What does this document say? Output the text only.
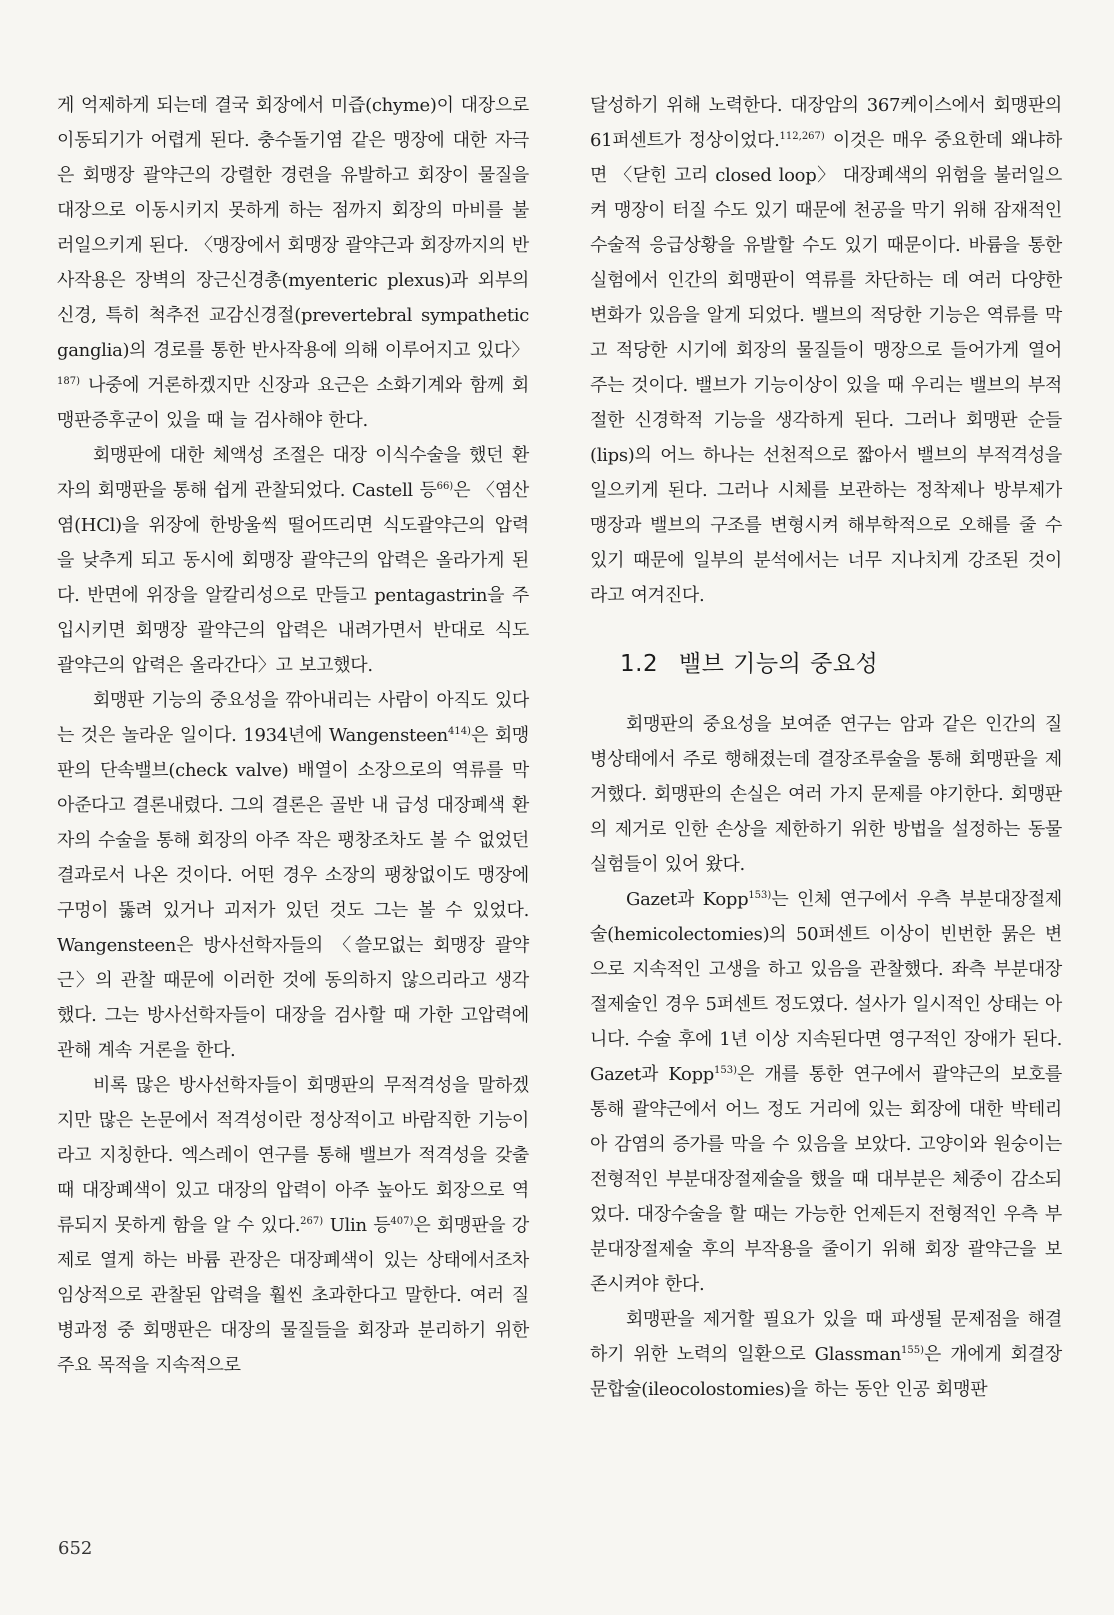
게 억제하게 되는데 결국 회장에서 미즙(chyme)이 대장으로 이동되기가 어렵게 된다. 충수돌기염 같은 맹장에 대한 자극은 회맹장 괄약근의 강렬한 경련을 유발하고 회장이 물질을 대장으로 이동시키지 못하게 하는 점까지 회장의 마비를 불러일으키게 된다. 〈맹장에서 회맹장 괄약근과 회장까지의 반사작용은 장벽의 장근신경총(myenteric plexus)과 외부의 신경, 특히 척추전 교감신경절(prevertebral sympathetic ganglia)의 경로를 통한 반사작용에 의해 이루어지고 있다〉$^{187)}$ 나중에 거론하겠지만 신장과 요근은 소화기계와 함께 회맹판증후군이 있을 때 늘 검사해야 한다.

회맹판에 대한 체액성 조절은 대장 이식수술을 했던 환자의 회맹판을 통해 쉽게 관찰되었다. Castell 등$^{66)}$은 〈염산염(HCl)을 위장에 한방울씩 떨어뜨리면 식도괄약근의 압력을 낮추게 되고 동시에 회맹장 괄약근의 압력은 올라가게 된다. 반면에 위장을 알칼리성으로 만들고 pentagastrin을 주입시키면 회맹장 괄약근의 압력은 내려가면서 반대로 식도 괄약근의 압력은 올라간다〉고 보고했다.

회맹판 기능의 중요성을 깎아내리는 사람이 아직도 있다는 것은 놀라운 일이다. 1934년에 Wangensteen$^{414)}$은 회맹판의 단속밸브(check valve) 배열이 소장으로의 역류를 막아준다고 결론내렸다. 그의 결론은 골반 내 급성 대장폐색 환자의 수술을 통해 회장의 아주 작은 팽창조차도 볼 수 없었던 결과로서 나온 것이다. 어떤 경우 소장의 팽창없이도 맹장에 구멍이 뚫려 있거나 괴저가 있던 것도 그는 볼 수 있었다. Wangensteen은 방사선학자들의 〈쓸모없는 회맹장 괄약근〉의 관찰 때문에 이러한 것에 동의하지 않으리라고 생각했다. 그는 방사선학자들이 대장을 검사할 때 가한 고압력에 관해 계속 거론을 한다.

비록 많은 방사선학자들이 회맹판의 무적격성을 말하겠지만 많은 논문에서 적격성이란 정상적이고 바람직한 기능이라고 지칭한다. 엑스레이 연구를 통해 밸브가 적격성을 갖출 때 대장폐색이 있고 대장의 압력이 아주 높아도 회장으로 역류되지 못하게 함을 알 수 있다.$^{267)}$ Ulin 등$^{407)}$은 회맹판을 강제로 열게 하는 바륨 관장은 대장폐색이 있는 상태에서조차 임상적으로 관찰된 압력을 훨씬 초과한다고 말한다. 여러 질병과정 중 회맹판은 대장의 물질들을 회장과 분리하기 위한 주요 목적을 지속적으로

달성하기 위해 노력한다. 대장암의 367케이스에서 회맹판의 61퍼센트가 정상이었다.$^{112,267)}$ 이것은 매우 중요한데 왜냐하면 〈닫힌 고리 closed loop〉 대장폐색의 위험을 불러일으켜 맹장이 터질 수도 있기 때문에 천공을 막기 위해 잠재적인 수술적 응급상황을 유발할 수도 있기 때문이다. 바륨을 통한 실험에서 인간의 회맹판이 역류를 차단하는 데 여러 다양한 변화가 있음을 알게 되었다. 밸브의 적당한 기능은 역류를 막고 적당한 시기에 회장의 물질들이 맹장으로 들어가게 열어주는 것이다. 밸브가 기능이상이 있을 때 우리는 밸브의 부적절한 신경학적 기능을 생각하게 된다. 그러나 회맹판 순들(lips)의 어느 하나는 선천적으로 짧아서 밸브의 부적격성을 일으키게 된다. 그러나 시체를 보관하는 정착제나 방부제가 맹장과 밸브의 구조를 변형시켜 해부학적으로 오해를 줄 수 있기 때문에 일부의 분석에서는 너무 지나치게 강조된 것이라고 여겨진다.

1.2 밸브 기능의 중요성

회맹판의 중요성을 보여준 연구는 암과 같은 인간의 질병상태에서 주로 행해졌는데 결장조루술을 통해 회맹판을 제거했다. 회맹판의 손실은 여러 가지 문제를 야기한다. 회맹판의 제거로 인한 손상을 제한하기 위한 방법을 설정하는 동물실험들이 있어 왔다.

Gazet과 Kopp$^{153)}$는 인체 연구에서 우측 부분대장절제술(hemicolectomies)의 50퍼센트 이상이 빈번한 묽은 변으로 지속적인 고생을 하고 있음을 관찰했다. 좌측 부분대장절제술인 경우 5퍼센트 정도였다. 설사가 일시적인 상태는 아니다. 수술 후에 1년 이상 지속된다면 영구적인 장애가 된다. Gazet과 Kopp$^{153)}$은 개를 통한 연구에서 괄약근의 보호를 통해 괄약근에서 어느 정도 거리에 있는 회장에 대한 박테리아 감염의 증가를 막을 수 있음을 보았다. 고양이와 원숭이는 전형적인 부분대장절제술을 했을 때 대부분은 체중이 감소되었다. 대장수술을 할 때는 가능한 언제든지 전형적인 우측 부분대장절제술 후의 부작용을 줄이기 위해 회장 괄약근을 보존시켜야 한다.

회맹판을 제거할 필요가 있을 때 파생될 문제점을 해결하기 위한 노력의 일환으로 Glassman$^{155)}$은 개에게 회결장문합술(ileocolostomies)을 하는 동안 인공 회맹판

652
